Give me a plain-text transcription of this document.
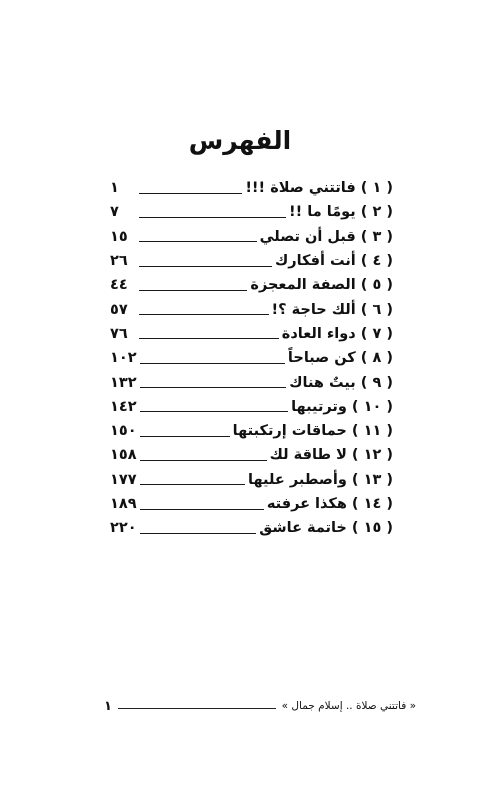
الفهرس
( ١ ) فاتتني صلاة !!!
١
( ٢ ) يومًا ما !!
٧
( ٣ ) قبل أن تصلي
١٥
( ٤ ) أنت أفكارك
٢٦
( ٥ ) الصفة المعجزة
٤٤
( ٦ ) ألك حاجة ؟!
٥٧
( ٧ ) دواء العادة
٧٦
( ٨ ) كن صباحاً
١٠٢
( ٩ ) بيتٌ هناك
١٣٢
( ١٠ ) وترتيبها
١٤٢
( ١١ ) حماقات إرتكبتها
١٥٠
( ١٢ ) لا طاقة لك
١٥٨
( ١٣ ) وأصطبر عليها
١٧٧
( ١٤ ) هكذا عرفته
١٨٩
( ١٥ ) خاتمة عاشق
٢٢٠
« فاتتني صلاة .. إسلام جمال »
١
